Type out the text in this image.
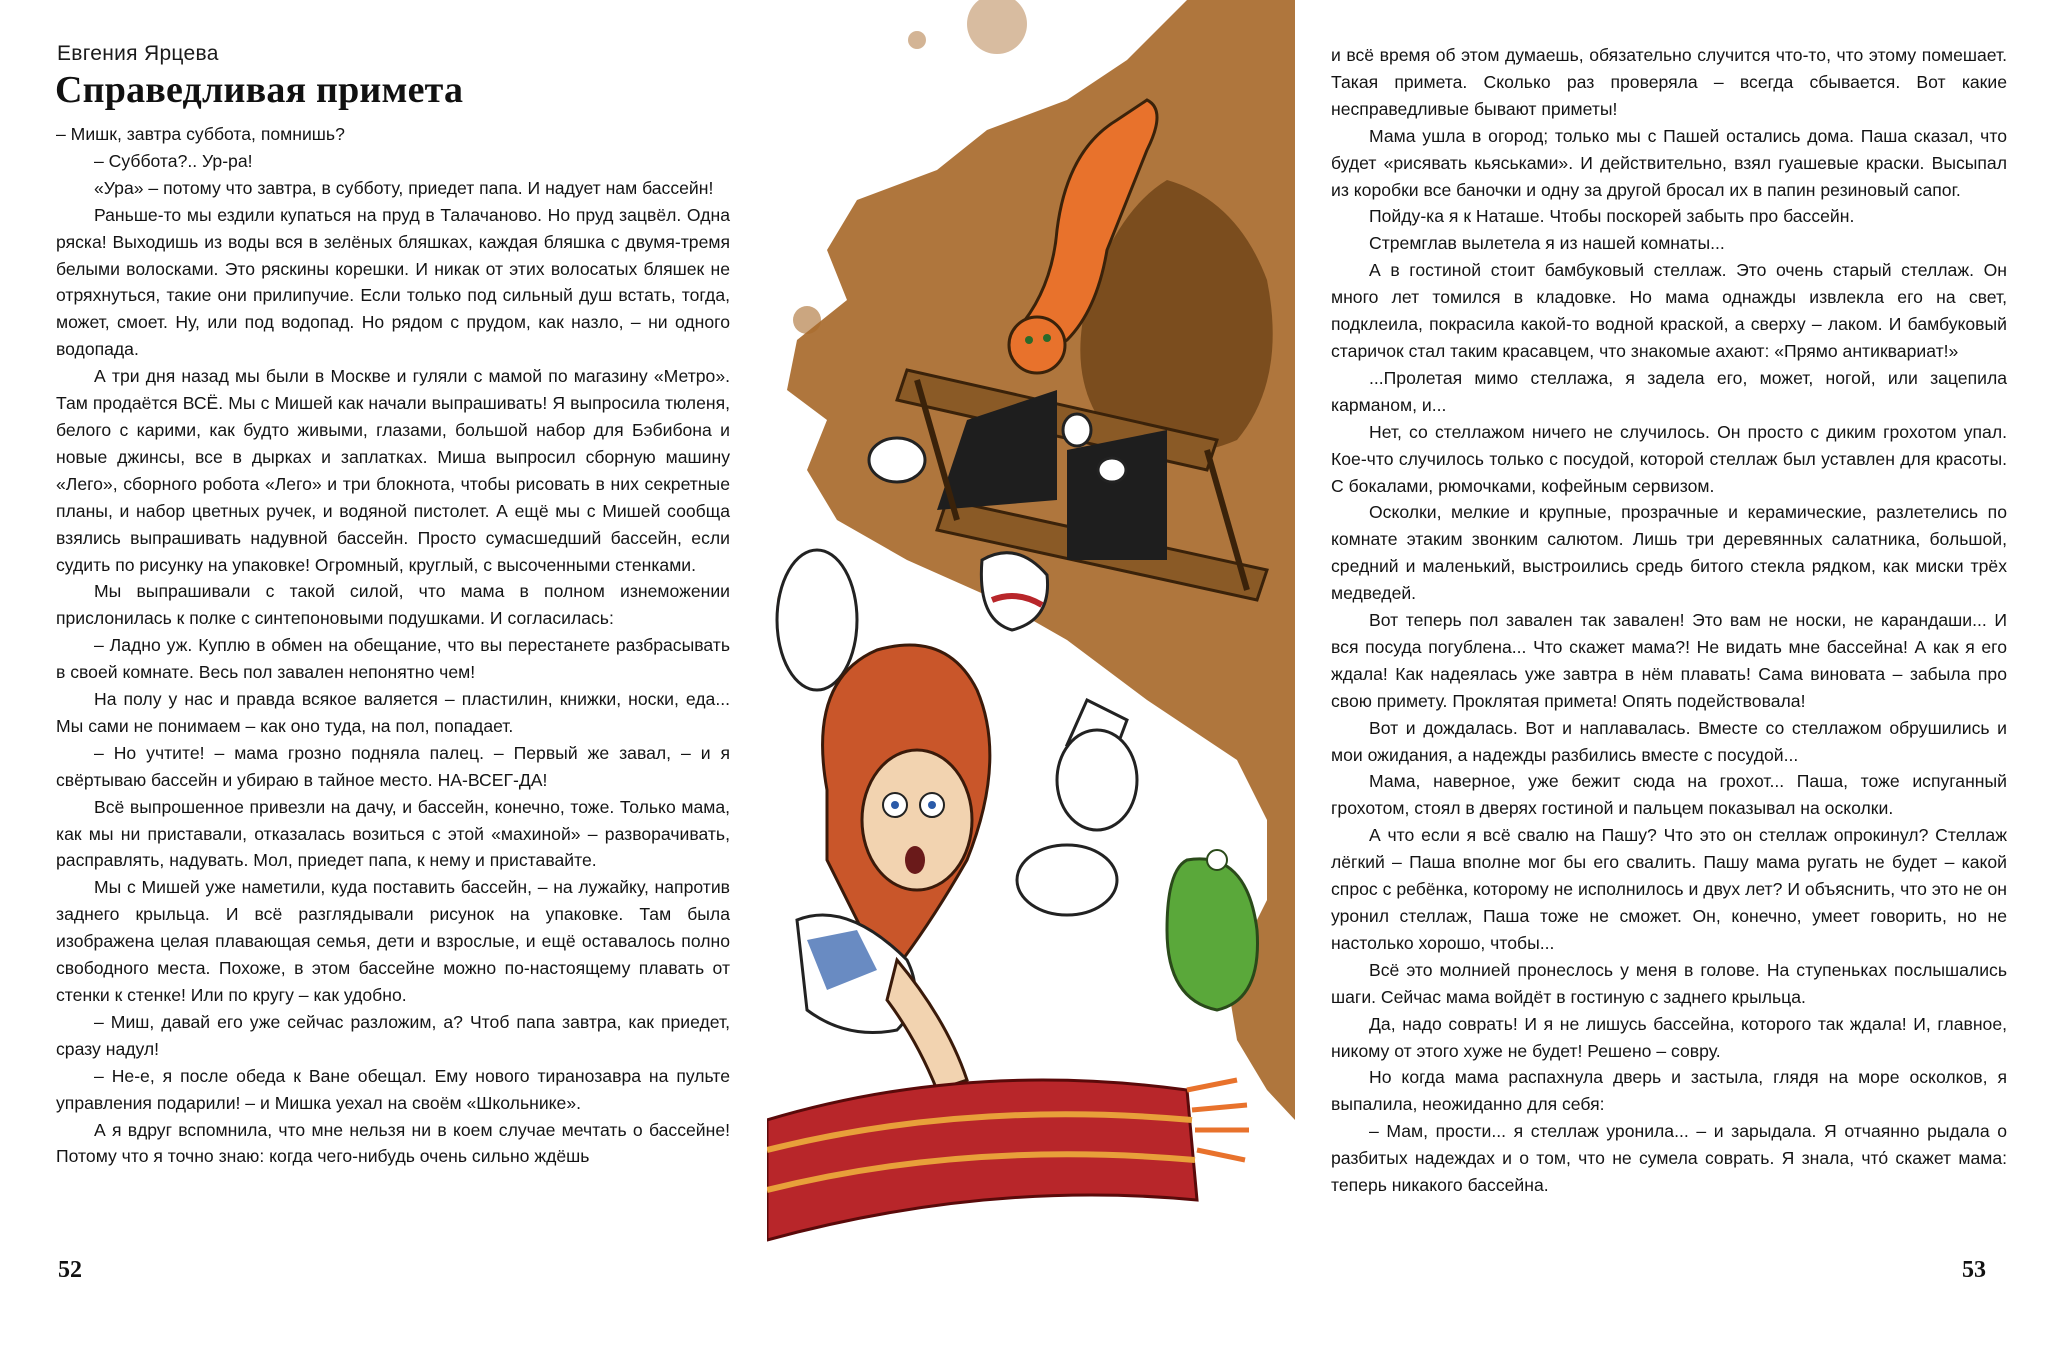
Евгения Ярцева
Справедливая примета

– Мишк, завтра суббота, помнишь?

– Суббота?.. Ур-ра!

«Ура» – потому что завтра, в субботу, приедет папа. И надует нам бассейн!

Раньше-то мы ездили купаться на пруд в Талачаново. Но пруд зацвёл. Одна ряска! Выходишь из воды вся в зелёных бляшках, каждая бляшка с двумя-тремя белыми волосками. Это ряскины корешки. И никак от этих волосатых бляшек не отряхнуться, такие они прилипучие. Если только под сильный душ встать, тогда, может, смоет. Ну, или под водопад. Но рядом с прудом, как назло, – ни одного водопада.

А три дня назад мы были в Москве и гуляли с мамой по магазину «Метро». Там продаётся ВСЁ. Мы с Мишей как начали выпрашивать! Я выпросила тюленя, белого с карими, как будто живыми, глазами, большой набор для Бэбибона и новые джинсы, все в дырках и заплатках. Миша выпросил сборную машину «Лего», сборного робота «Лего» и три блокнота, чтобы рисовать в них секретные планы, и набор цветных ручек, и водяной пистолет. А ещё мы с Мишей сообща взялись выпрашивать надувной бассейн. Просто сумасшедший бассейн, если судить по рисунку на упаковке! Огромный, круглый, с высоченными стенками.

Мы выпрашивали с такой силой, что мама в полном изнеможении прислонилась к полке с синтепоновыми подушками. И согласилась:

– Ладно уж. Куплю в обмен на обещание, что вы перестанете разбрасывать в своей комнате. Весь пол завален непонятно чем!

На полу у нас и правда всякое валяется – пластилин, книжки, носки, еда... Мы сами не понимаем – как оно туда, на пол, попадает.

– Но учтите! – мама грозно подняла палец. – Первый же завал, – и я свёртываю бассейн и убираю в тайное место. НА-ВСЕГ-ДА!

Всё выпрошенное привезли на дачу, и бассейн, конечно, тоже. Только мама, как мы ни приставали, отказалась возиться с этой «махиной» – разворачивать, расправлять, надувать. Мол, приедет папа, к нему и приставайте.

Мы с Мишей уже наметили, куда поставить бассейн, – на лужайку, напротив заднего крыльца. И всё разглядывали рисунок на упаковке. Там была изображена целая плавающая семья, дети и взрослые, и ещё оставалось полно свободного места. Похоже, в этом бассейне можно по-настоящему плавать от стенки к стенке! Или по кругу – как удобно.

– Миш, давай его уже сейчас разложим, а? Чтоб папа завтра, как приедет, сразу надул!

– Не-е, я после обеда к Ване обещал. Ему нового тиранозавра на пульте управления подарили! – и Мишка уехал на своём «Школьнике».

А я вдруг вспомнила, что мне нельзя ни в коем случае мечтать о бассейне! Потому что я точно знаю: когда чего-нибудь очень сильно ждёшь

52

и всё время об этом думаешь, обязательно случится что-то, что этому помешает. Такая примета. Сколько раз проверяла – всегда сбывается. Вот какие несправедливые бывают приметы!

Мама ушла в огород; только мы с Пашей остались дома. Паша сказал, что будет «рисявать кьяськами». И действительно, взял гуашевые краски. Высыпал из коробки все баночки и одну за другой бросал их в папин резиновый сапог.

Пойду-ка я к Наташе. Чтобы поскорей забыть про бассейн.

Стремглав вылетела я из нашей комнаты...

А в гостиной стоит бамбуковый стеллаж. Это очень старый стеллаж. Он много лет томился в кладовке. Но мама однажды извлекла его на свет, подклеила, покрасила какой-то водной краской, а сверху – лаком. И бамбуковый старичок стал таким красавцем, что знакомые ахают: «Прямо антиквариат!»

...Пролетая мимо стеллажа, я задела его, может, ногой, или зацепила карманом, и...

Нет, со стеллажом ничего не случилось. Он просто с диким грохотом упал. Кое-что случилось только с посудой, которой стеллаж был уставлен для красоты. С бокалами, рюмочками, кофейным сервизом.

Осколки, мелкие и крупные, прозрачные и керамические, разлетелись по комнате этаким звонким салютом. Лишь три деревянных салатника, большой, средний и маленький, выстроились средь битого стекла рядком, как миски трёх медведей.

Вот теперь пол завален так завален! Это вам не носки, не карандаши... И вся посуда погублена... Что скажет мама?! Не видать мне бассейна! А как я его ждала! Как надеялась уже завтра в нём плавать! Сама виновата – забыла про свою примету. Проклятая примета! Опять подействовала!

Вот и дождалась. Вот и наплавалась. Вместе со стеллажом обрушились и мои ожидания, а надежды разбились вместе с посудой...

Мама, наверное, уже бежит сюда на грохот... Паша, тоже испуганный грохотом, стоял в дверях гостиной и пальцем показывал на осколки.

А что если я всё свалю на Пашу? Что это он стеллаж опрокинул? Стеллаж лёгкий – Паша вполне мог бы его свалить. Пашу мама ругать не будет – какой спрос с ребёнка, которому не исполнилось и двух лет? И объяснить, что это не он уронил стеллаж, Паша тоже не сможет. Он, конечно, умеет говорить, но не настолько хорошо, чтобы...

Всё это молнией пронеслось у меня в голове. На ступеньках послышались шаги. Сейчас мама войдёт в гостиную с заднего крыльца.

Да, надо соврать! И я не лишусь бассейна, которого так ждала! И, главное, никому от этого хуже не будет! Решено – совру.

Но когда мама распахнула дверь и застыла, глядя на море осколков, я выпалила, неожиданно для себя:

– Мам, прости... я стеллаж уронила... – и зарыдала. Я отчаянно рыдала о разбитых надеждах и о том, что не сумела соврать. Я знала, что́ скажет мама: теперь никакого бассейна.

53
